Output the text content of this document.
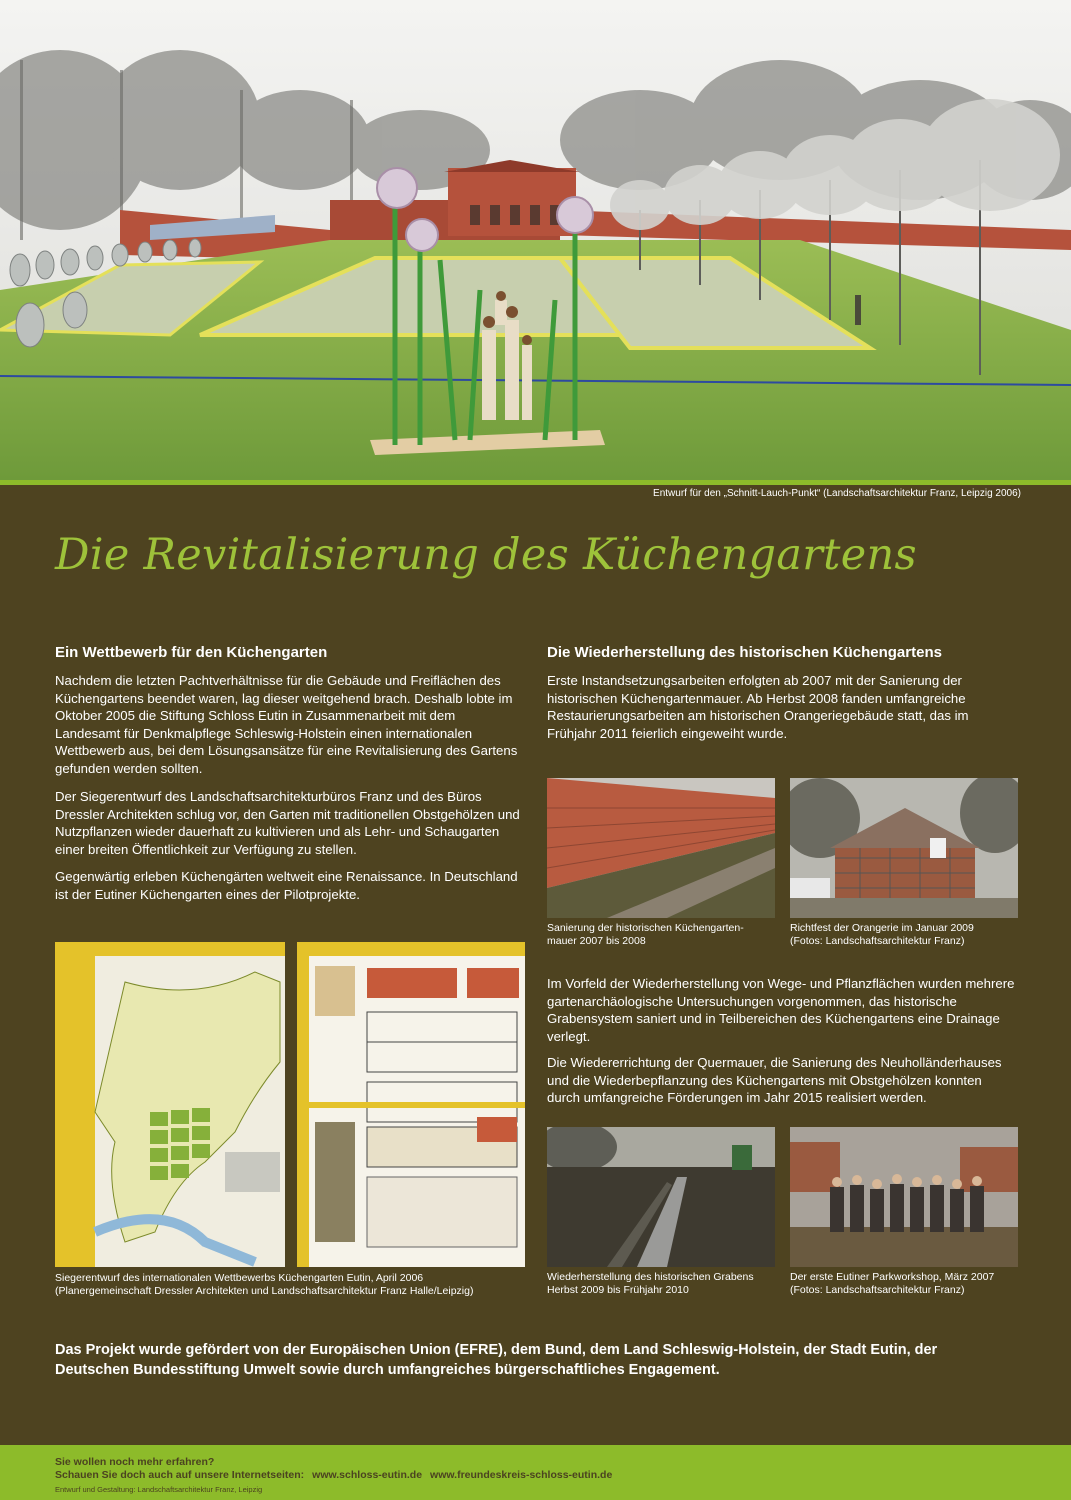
Entwurf für den „Schnitt-Lauch-Punkt“ (Landschaftsarchitektur Franz, Leipzig 2006)
Die Revitalisierung des Küchengartens
Ein Wettbewerb für den Küchengarten

Nachdem die letzten Pachtverhältnisse für die Gebäude und Freiflächen des Küchengartens beendet waren, lag dieser weitgehend brach. Deshalb lobte im Oktober 2005 die Stiftung Schloss Eutin in Zusammenarbeit mit dem Landesamt für Denkmalpflege Schleswig-Holstein einen internationalen Wettbewerb aus, bei dem Lösungsansätze für eine Revitalisierung des Gartens gefunden werden sollten.

Der Siegerentwurf des Landschaftsarchitekturbüros Franz und des Büros Dressler Architekten schlug vor, den Garten mit traditionellen Obstgehölzen und Nutzpflanzen wieder dauerhaft zu kultivieren und als Lehr- und Schaugarten einer breiten Öffentlichkeit zur Verfügung zu stellen.

Gegenwärtig erleben Küchengärten weltweit eine Renaissance. In Deutschland ist der Eutiner Küchengarten eines der Pilotprojekte.

Siegerentwurf des internationalen Wettbewerbs Küchengarten Eutin, April 2006
(Planergemeinschaft Dressler Architekten und Landschaftsarchitektur Franz Halle/Leipzig)
Die Wiederherstellung des historischen Küchengartens

Erste Instandsetzungsarbeiten erfolgten ab 2007 mit der Sanierung der historischen Küchengartenmauer. Ab Herbst 2008 fanden umfangreiche Restaurierungsarbeiten am historischen Orangeriegebäude statt, das im Frühjahr 2011 feierlich eingeweiht wurde.

Sanierung der historischen Küchengarten-
mauer 2007 bis 2008
Richtfest der Orangerie im Januar 2009
(Fotos: Landschaftsarchitektur Franz)

Im Vorfeld der Wiederherstellung von Wege- und Pflanzflächen wurden mehrere gartenarchäologische Untersuchungen vorgenommen, das historische Grabensystem saniert und in Teilbereichen des Küchengartens eine Drainage verlegt.

Die Wiedererrichtung der Quermauer, die Sanierung des Neuholländerhauses und die Wiederbepflanzung des Küchengartens mit Obstgehölzen konnten durch umfangreiche Förderungen im Jahr 2015 realisiert werden.

Wiederherstellung des historischen Grabens
Herbst 2009 bis Frühjahr 2010
Der erste Eutiner Parkworkshop, März 2007
(Fotos: Landschaftsarchitektur Franz)

Das Projekt wurde gefördert von der Europäischen Union (EFRE), dem Bund, dem Land Schleswig-Holstein, der Stadt Eutin, der Deutschen Bundesstiftung Umwelt sowie durch umfangreiches bürgerschaftliches Engagement.

Sie wollen noch mehr erfahren?
Schauen Sie doch auch auf unsere Internetseiten: www.schloss-eutin.de www.freundeskreis-schloss-eutin.de
Entwurf und Gestaltung: Landschaftsarchitektur Franz, Leipzig
